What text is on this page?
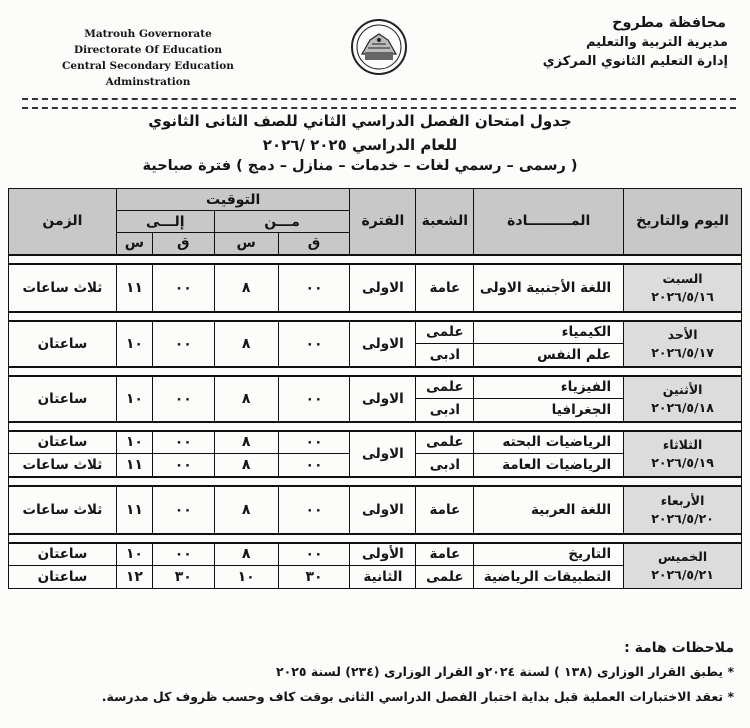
Matrouh Governorate
Directorate Of Education
Central Secondary Education Adminstration
محافظة مطروح
مديرية التربية والتعليم
إدارة التعليم الثانوي المركزي
جدول امتحان الفصل الدراسي الثاني للصف الثانى الثانوي
للعام الدراسي ٢٠٢٥ /٢٠٢٦
( رسمى – رسمي لغات – خدمات – منازل – دمج ) فترة صباحية
اليوم والتاريخ	المـــــــــادة	الشعبة	الفترة	التوقيت				الزمن
				مـــن		إلـــى		
				ق	س	ق	س	

السبت
٢٠٢٦/٥/١٦	اللغة الأجنبية الاولى	عامة	الاولى	٠٠	٨	٠٠	١١	ثلاث ساعات

الأحد
٢٠٢٦/٥/١٧	الكيمياء	علمى	الاولى	٠٠	٨	٠٠	١٠	ساعتان
	علم النفس	ادبى						

الأثنين
٢٠٢٦/٥/١٨	الفيزياء	علمى	الاولى	٠٠	٨	٠٠	١٠	ساعتان
	الجغرافيا	ادبى						

الثلاثاء
٢٠٢٦/٥/١٩	الرياضيات البحته	علمى	الاولى	٠٠	٨	٠٠	١٠	ساعتان
	الرياضيات العامة	ادبى		٠٠	٨	٠٠	١١	ثلاث ساعات

الأربعاء
٢٠٢٦/٥/٢٠	اللغة العربية	عامة	الاولى	٠٠	٨	٠٠	١١	ثلاث ساعات

الخميس
٢٠٢٦/٥/٢١	التاريخ	عامة	الأولى	٠٠	٨	٠٠	١٠	ساعتان
	التطبيقات الرياضية	علمى	الثانية	٣٠	١٠	٣٠	١٢	ساعتان
ملاحظات هامة :
* يطبق القرار الوزارى (١٣٨ ) لسنة ٢٠٢٤و القرار الوزارى (٢٣٤) لسنة ٢٠٢٥
* تعقد الاختبارات العملية قبل بداية اختبار الفصل الدراسي الثانى بوقت كاف وحسب ظروف كل مدرسة.
